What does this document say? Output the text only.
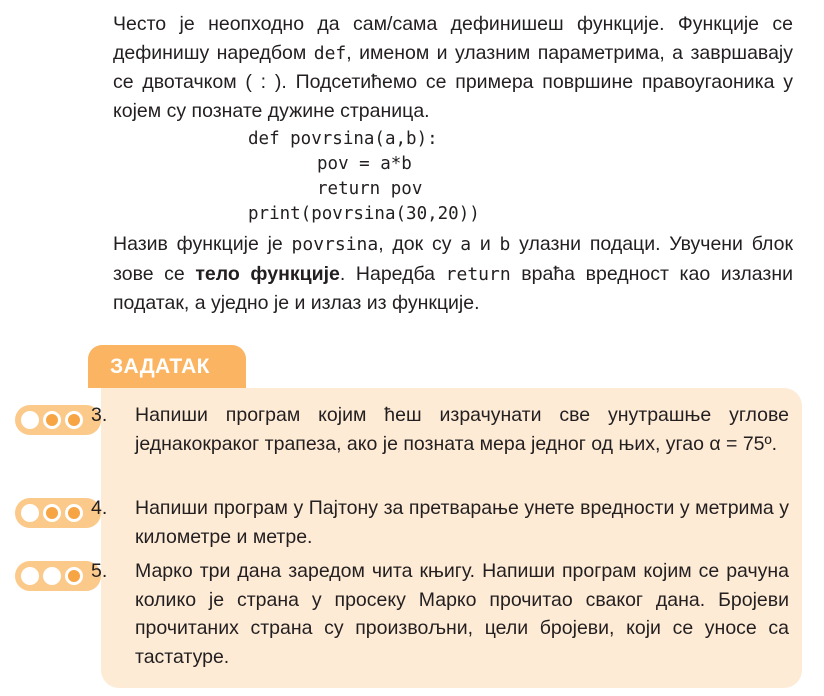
Често је неопходно да сам/сама дефинишеш функције. Функције се дефинишу наредбом def, именом и улазним параметрима, а завршавају се двотачком ( : ). Подсетићемо се примера површине правоугаоника у којем су познате дужине страница.

def povrsina(a,b):
pov = a*b
return pov
print(povrsina(30,20))

Назив функције је povrsina, док су a и b улазни подаци. Увучени блок зове се тело функције. Наредба return враћа вредност као излазни податак, а уједно је и излаз из функције.

ЗАДАТАК
3. Напиши програм којим ћеш израчунати све унутрашње углове једнакокраког трапеза, ако је позната мера једног од њих, угао α = 75º.
4. Напиши програм у Пајтону за претварање унете вредности у метрима у километре и метре.
5. Марко три дана заредом чита књигу. Напиши програм којим се рачуна колико је страна у просеку Марко прочитао сваког дана. Бројеви прочитаних страна су произвољни, цели бројеви, који се уносе са тастатуре.
